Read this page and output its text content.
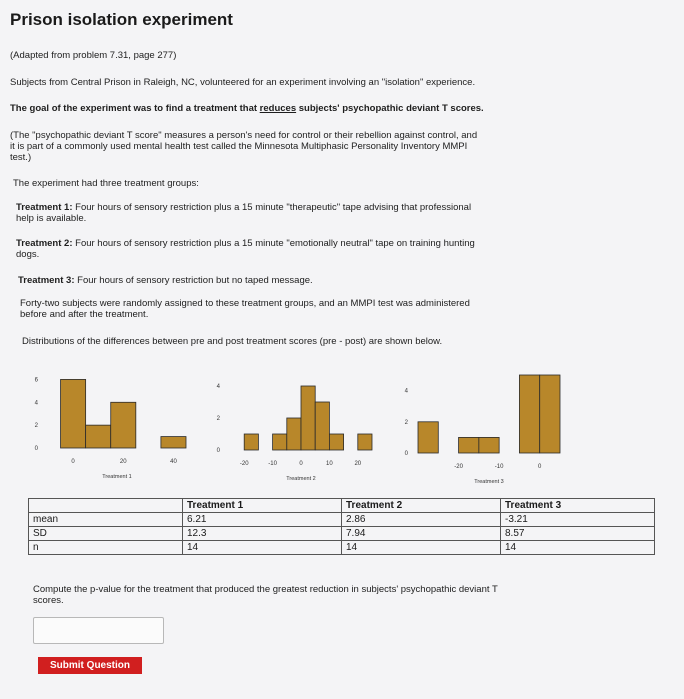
Prison isolation experiment
(Adapted from problem 7.31, page 277)
Subjects from Central Prison in Raleigh, NC, volunteered for an experiment involving an "isolation" experience.
The goal of the experiment was to find a treatment that reduces subjects' psychopathic deviant T scores.
(The "psychopathic deviant T score" measures a person's need for control or their rebellion against control, and
it is part of a commonly used mental health test called the Minnesota Multiphasic Personality Inventory MMPI
test.)
The experiment had three treatment groups:
Treatment 1: Four hours of sensory restriction plus a 15 minute "therapeutic" tape advising that professional
help is available.
Treatment 2: Four hours of sensory restriction plus a 15 minute "emotionally neutral" tape on training hunting
dogs.
Treatment 3: Four hours of sensory restriction but no taped message.
Forty-two subjects were randomly assigned to these treatment groups, and an MMPI test was administered
before and after the treatment.
Distributions of the differences between pre and post treatment scores (pre - post) are shown below.
0
2
4
6
0	20	40
Treatment 1
0
2
4
-20	-10	0	10	20
Treatment 2
0
2
4
-20	-10	0
Treatment 3
	Treatment 1	Treatment 2	Treatment 3
mean	6.21	2.86	-3.21
SD	12.3	7.94	8.57
n	14	14	14
Compute the p-value for the treatment that produced the greatest reduction in subjects' psychopathic deviant T
scores.
Submit Question
